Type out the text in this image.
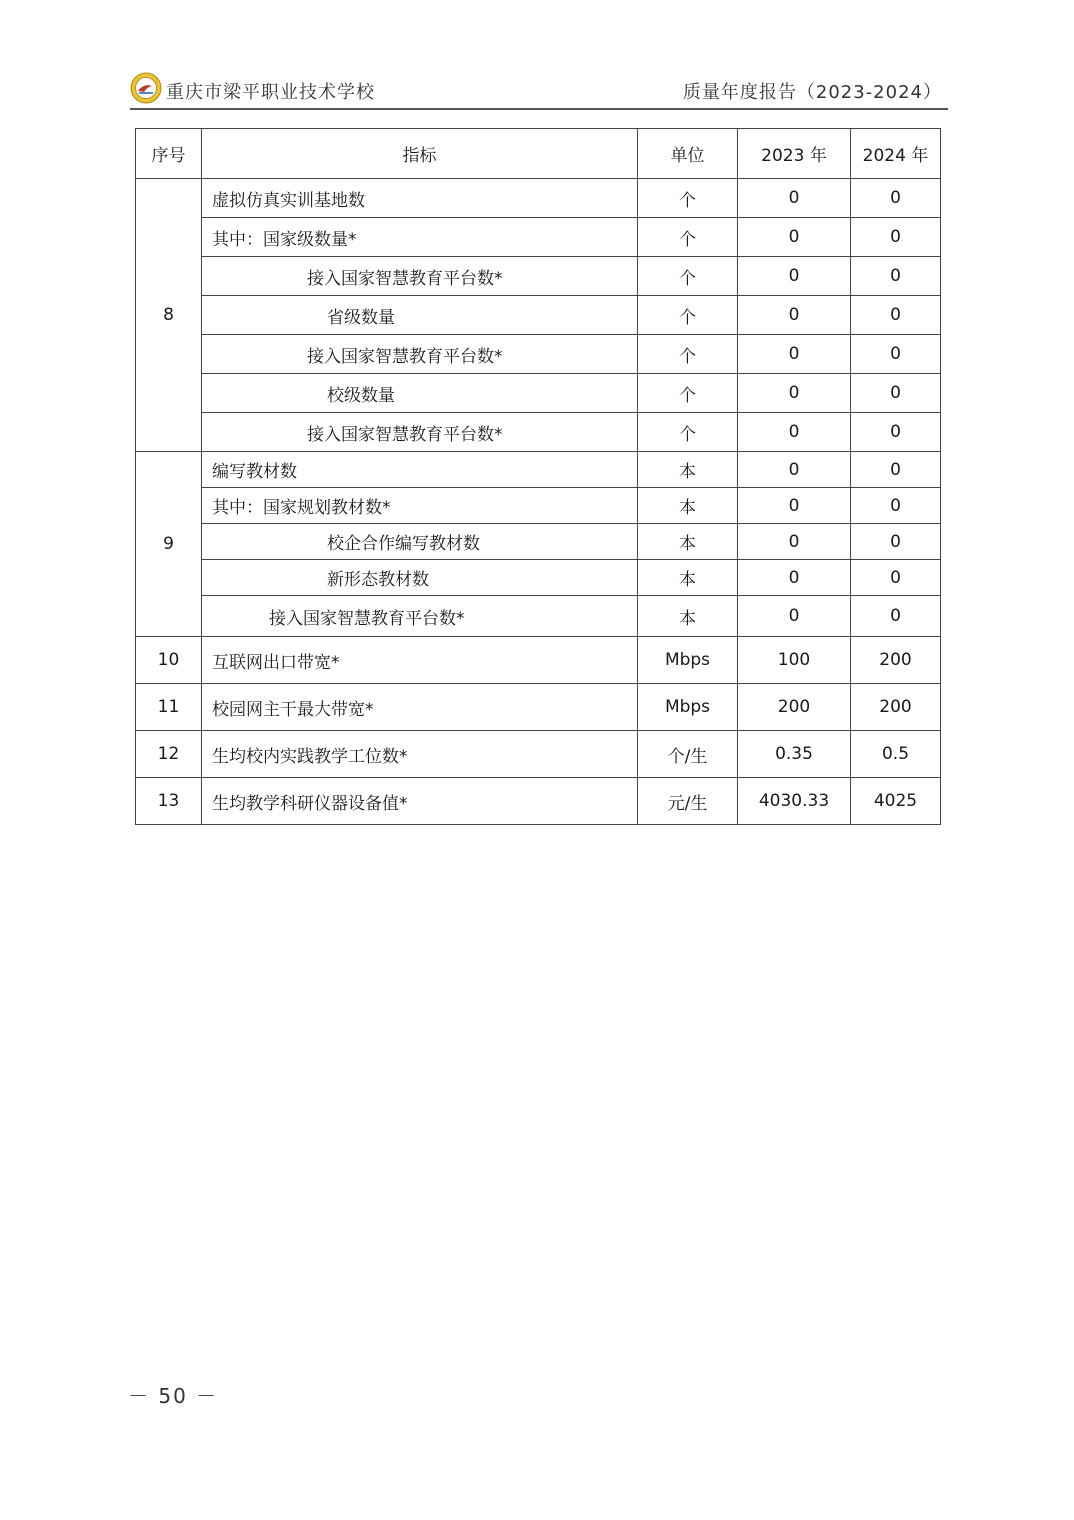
重庆市梁平职业技术学校	质量年度报告（2023-2024）
序号	指标	单位	2023 年	2024 年
8	虚拟仿真实训基地数	个	0	0
	其中：国家级数量*	个	0	0
	接入国家智慧教育平台数*	个	0	0
	省级数量	个	0	0
	接入国家智慧教育平台数*	个	0	0
	校级数量	个	0	0
	接入国家智慧教育平台数*	个	0	0
9	编写教材数	本	0	0
	其中：国家规划教材数*	本	0	0
	校企合作编写教材数	本	0	0
	新形态教材数	本	0	0
	接入国家智慧教育平台数*	本	0	0
10	互联网出口带宽*	Mbps	100	200
11	校园网主干最大带宽*	Mbps	200	200
12	生均校内实践教学工位数*	个/生	0.35	0.5
13	生均教学科研仪器设备值*	元/生	4030.33	4025
－ 50 －
